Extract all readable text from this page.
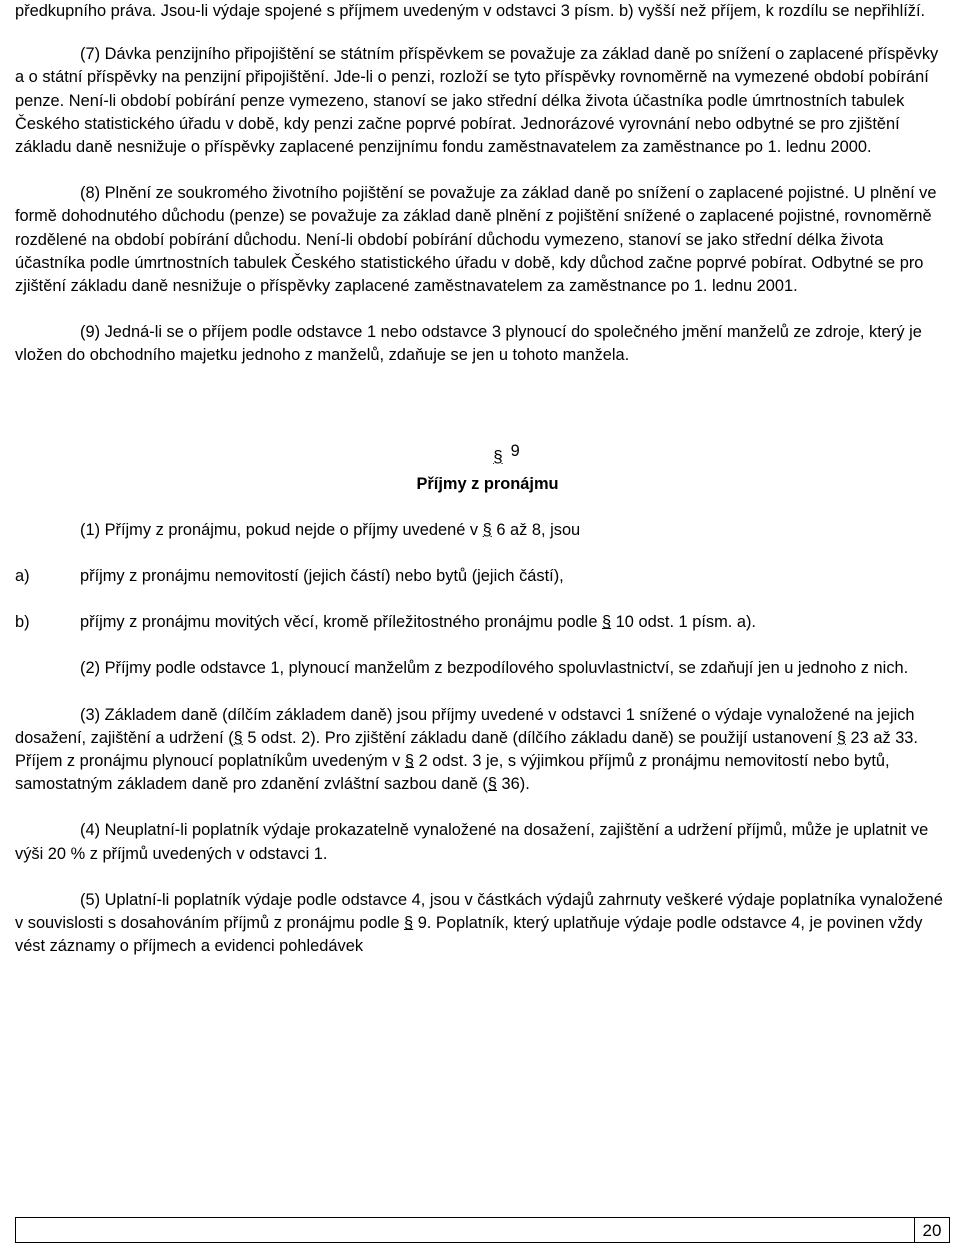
předkupního práva. Jsou-li výdaje spojené s příjmem uvedeným v odstavci 3 písm. b) vyšší než příjem, k rozdílu se nepřihlíží.

(7) Dávka penzijního připojištění se státním příspěvkem se považuje za základ daně po snížení o zaplacené příspěvky a o státní příspěvky na penzijní připojištění. Jde-li o penzi, rozloží se tyto příspěvky rovnoměrně na vymezené období pobírání penze. Není-li období pobírání penze vymezeno, stanoví se jako střední délka života účastníka podle úmrtnostních tabulek Českého statistického úřadu v době, kdy penzi začne poprvé pobírat. Jednorázové vyrovnání nebo odbytné se pro zjištění základu daně nesnižuje o příspěvky zaplacené penzijnímu fondu zaměstnavatelem za zaměstnance po 1. lednu 2000.

(8) Plnění ze soukromého životního pojištění se považuje za základ daně po snížení o zaplacené pojistné. U plnění ve formě dohodnutého důchodu (penze) se považuje za základ daně plnění z pojištění snížené o zaplacené pojistné, rovnoměrně rozdělené na období pobírání důchodu. Není-li období pobírání důchodu vymezeno, stanoví se jako střední délka života účastníka podle úmrtnostních tabulek Českého statistického úřadu v době, kdy důchod začne poprvé pobírat. Odbytné se pro zjištění základu daně nesnižuje o příspěvky zaplacené zaměstnavatelem za zaměstnance po 1. lednu 2001.

(9) Jedná-li se o příjem podle odstavce 1 nebo odstavce 3 plynoucí do společného jmění manželů ze zdroje, který je vložen do obchodního majetku jednoho z manželů, zdaňuje se jen u tohoto manžela.

§ 9

Příjmy z pronájmu

(1) Příjmy z pronájmu, pokud nejde o příjmy uvedené v § 6 až 8, jsou

a)	příjmy z pronájmu nemovitostí (jejich částí) nebo bytů (jejich částí),
b)	příjmy z pronájmu movitých věcí, kromě příležitostného pronájmu podle § 10 odst. 1 písm. a).

(2) Příjmy podle odstavce 1, plynoucí manželům z bezpodílového spoluvlastnictví, se zdaňují jen u jednoho z nich.

(3) Základem daně (dílčím základem daně) jsou příjmy uvedené v odstavci 1 snížené o výdaje vynaložené na jejich dosažení, zajištění a udržení (§ 5 odst. 2). Pro zjištění základu daně (dílčího základu daně) se použijí ustanovení § 23 až 33. Příjem z pronájmu plynoucí poplatníkům uvedeným v § 2 odst. 3 je, s výjimkou příjmů z pronájmu nemovitostí nebo bytů, samostatným základem daně pro zdanění zvláštní sazbou daně (§ 36).

(4) Neuplatní-li poplatník výdaje prokazatelně vynaložené na dosažení, zajištění a udržení příjmů, může je uplatnit ve výši 20 % z příjmů uvedených v odstavci 1.

(5) Uplatní-li poplatník výdaje podle odstavce 4, jsou v částkách výdajů zahrnuty veškeré výdaje poplatníka vynaložené v souvislosti s dosahováním příjmů z pronájmu podle § 9. Poplatník, který uplatňuje výdaje podle odstavce 4, je povinen vždy vést záznamy o příjmech a evidenci pohledávek

20
